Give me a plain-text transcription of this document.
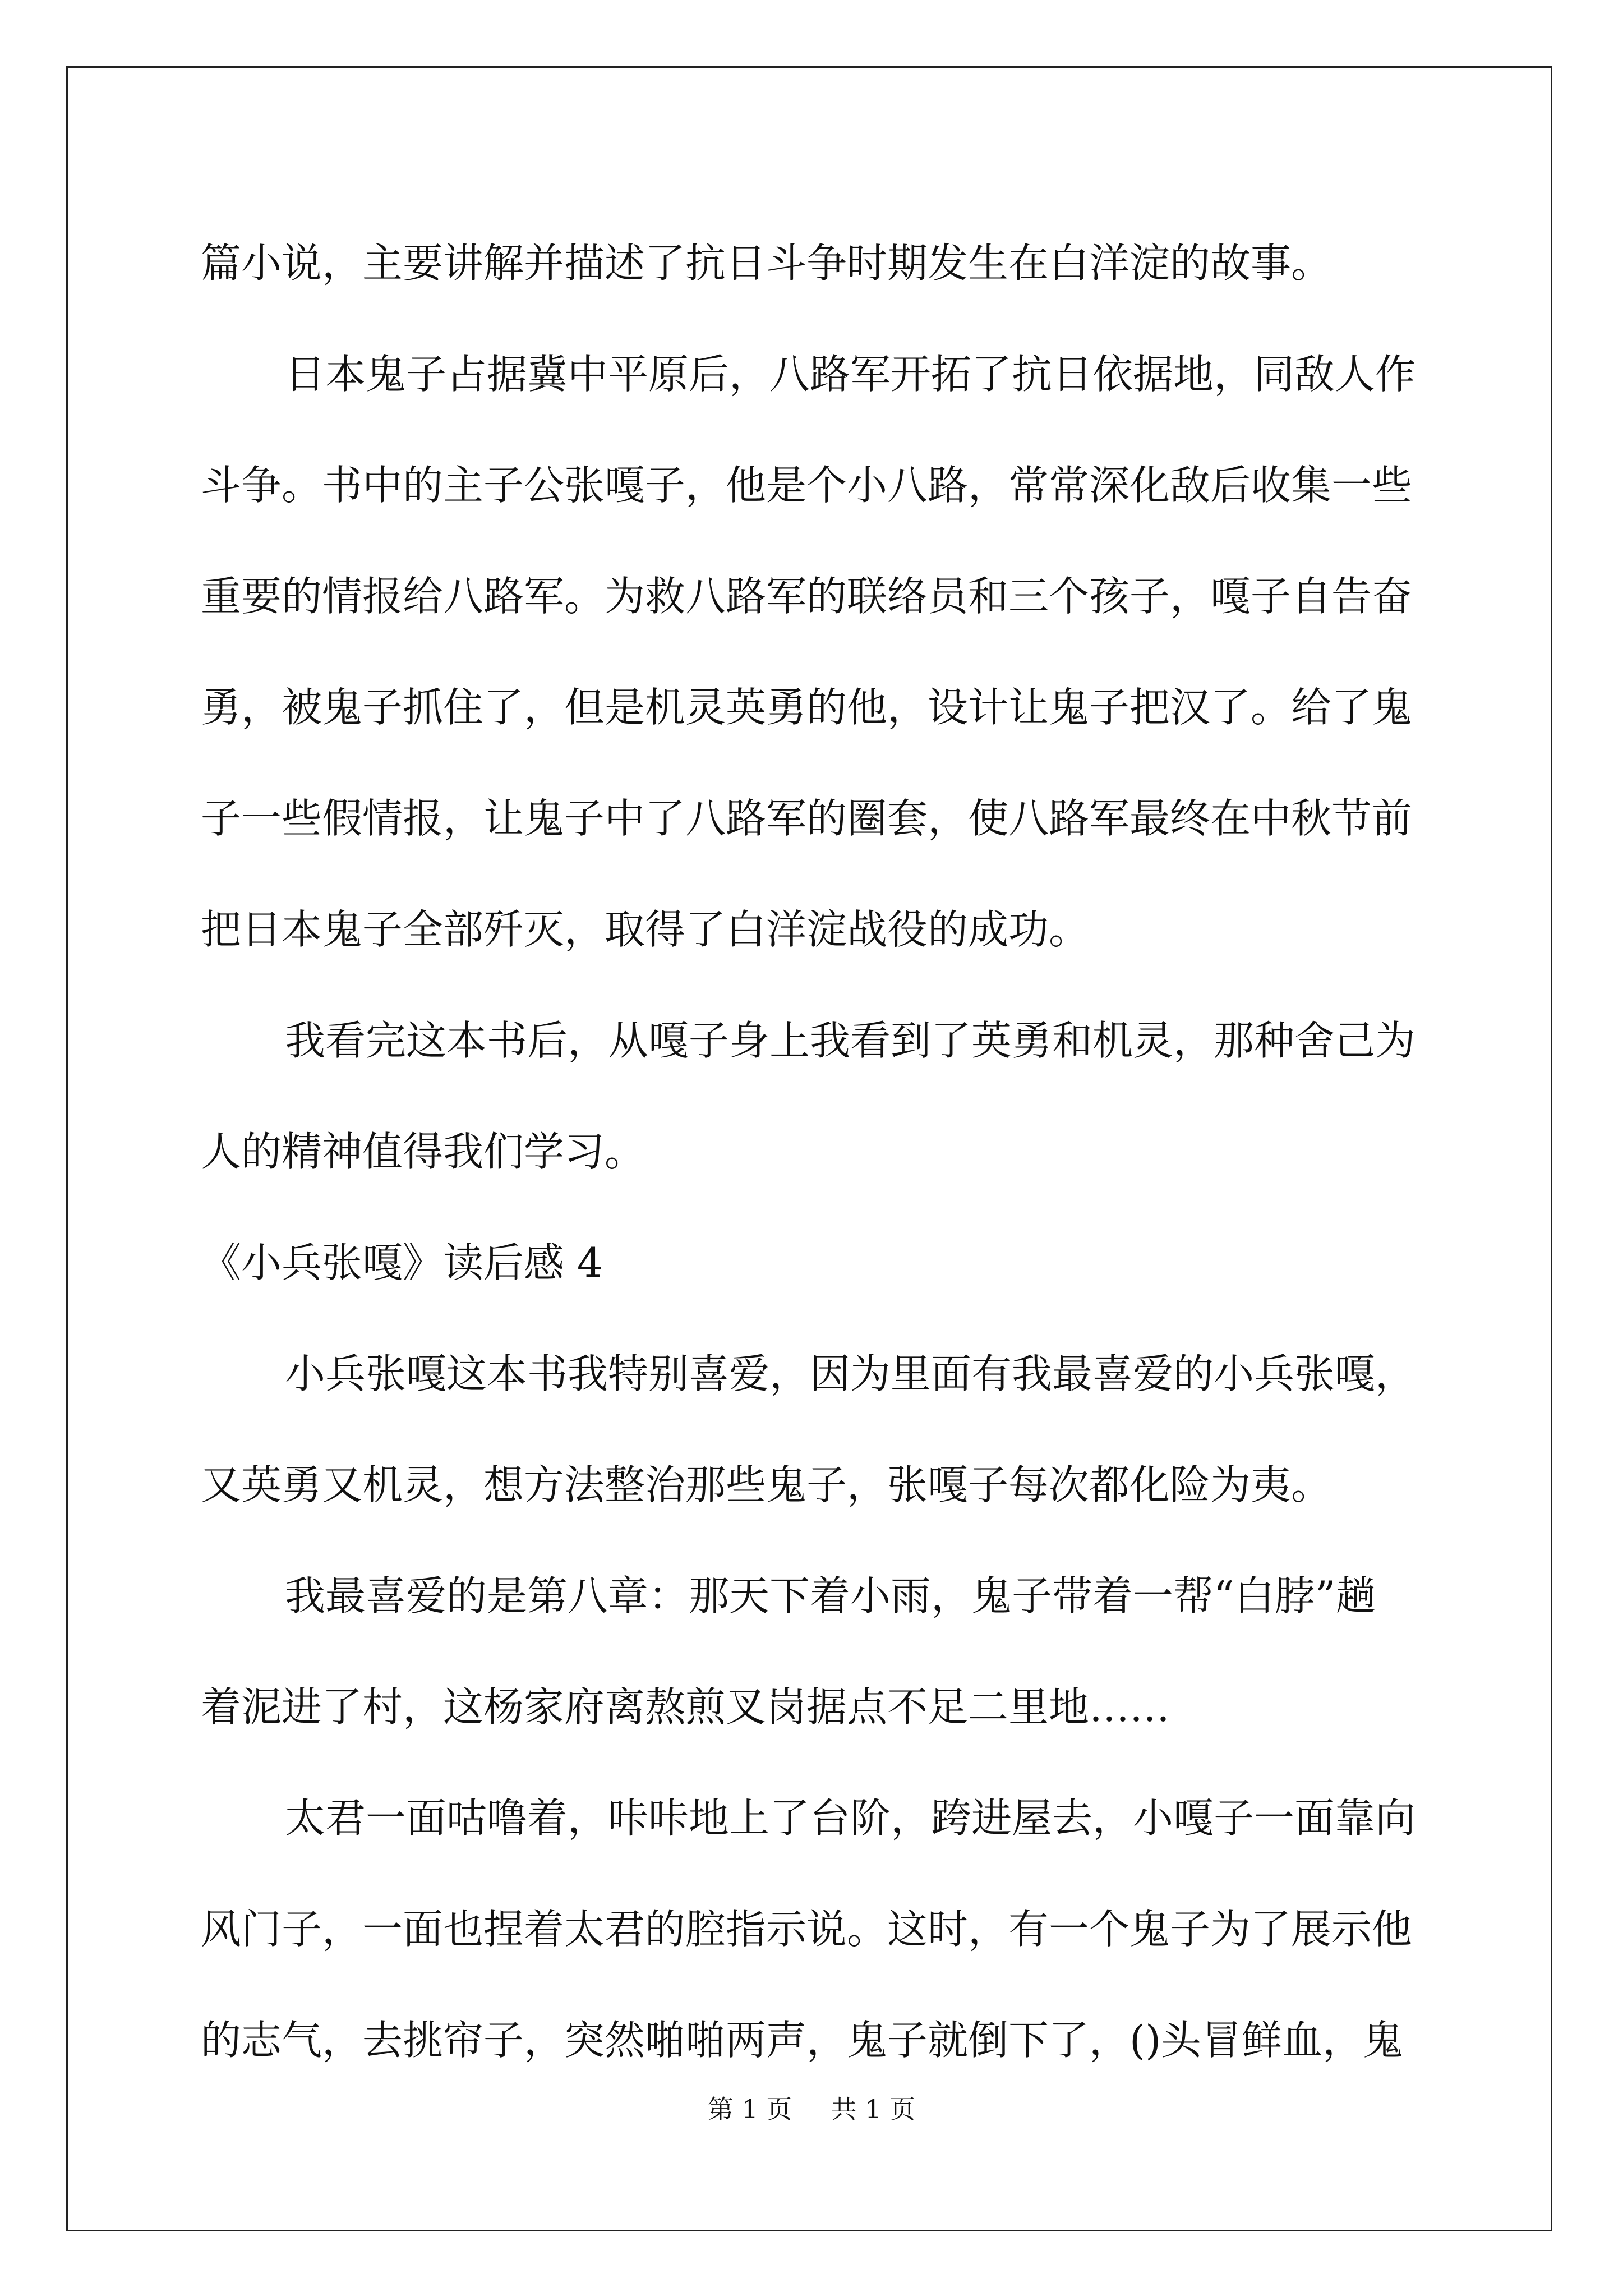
篇小说，主要讲解并描述了抗日斗争时期发生在白洋淀的故事。
日本鬼子占据冀中平原后，八路军开拓了抗日依据地，同敌人作
斗争。书中的主子公张嘎子，他是个小八路，常常深化敌后收集一些
重要的情报给八路军。为救八路军的联络员和三个孩子，嘎子自告奋
勇，被鬼子抓住了，但是机灵英勇的他，设计让鬼子把汉了。给了鬼
子一些假情报，让鬼子中了八路军的圈套，使八路军最终在中秋节前
把日本鬼子全部歼灭，取得了白洋淀战役的成功。
我看完这本书后，从嘎子身上我看到了英勇和机灵，那种舍己为
人的精神值得我们学习。
《小兵张嘎》读后感 4
小兵张嘎这本书我特别喜爱，因为里面有我最喜爱的小兵张嘎，
又英勇又机灵，想方法整治那些鬼子，张嘎子每次都化险为夷。
我最喜爱的是第八章：那天下着小雨，鬼子带着一帮“白脖”趟
着泥进了村，这杨家府离熬煎叉岗据点不足二里地……
太君一面咕噜着，咔咔地上了台阶，跨进屋去，小嘎子一面靠向
风门子，一面也捏着太君的腔指示说。这时，有一个鬼子为了展示他
的志气，去挑帘子，突然啪啪两声，鬼子就倒下了，()头冒鲜血，鬼
第 1 页 共 1 页
